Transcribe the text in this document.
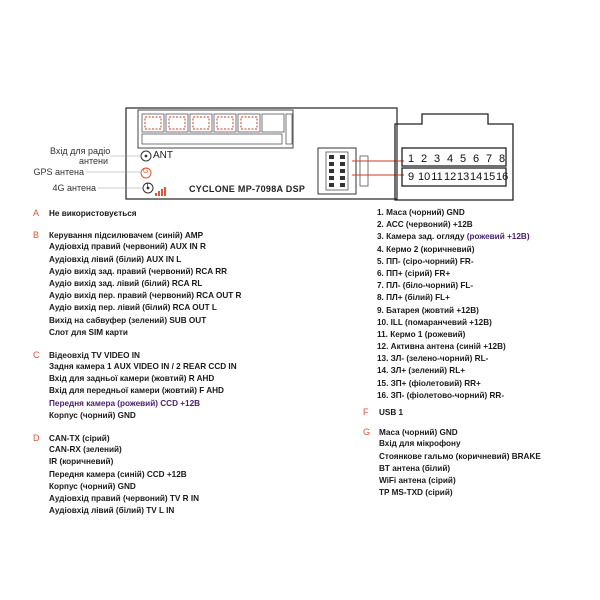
Вхід для радіо
антени
GPS антена
4G антена
ANT
G
T	CYCLONE MP-7098A DSP
1 2 3 4 5 6 7 8
9 10 11 12 13 14 15 16
A Не використовується
B Керування підсилювачем (синій) AMP
Аудіовхід правий (червоний) AUX IN R
Аудіовхід лівий (білий) AUX IN L
Аудіо вихід зад. правий (червоний) RCA RR
Аудіо вихід зад. лівий (білий) RCA RL
Аудіо вихід пер. правий (червоний) RCA OUT R
Аудіо вихід пер. лівий (білий) RCA OUT L
Вихід на сабвуфер (зелений) SUB OUT
Слот для SIM карти
C Відеовхід TV VIDEO IN
Задня камера 1 AUX VIDEO IN / 2 REAR CCD IN
Вхід для задньої камери (жовтий) R AHD
Вхід для передньої камери (жовтий) F AHD
Передня камера (рожевий) CCD +12В
Корпус (чорний) GND
D CAN-TX (сірий)
CAN-RX (зелений)
IR (коричневий)
Передня камера (синій) CCD +12В
Корпус (чорний) GND
Аудіовхід правий (червоний) TV R IN
Аудіовхід лівий (білий) TV L IN
1. Маса (чорний) GND
2. АСС (червоний) +12В
3. Камера зад. огляду (рожевий +12В)
4. Кермо 2 (коричневий)
5. ПП- (сіро-чорний) FR-
6. ПП+ (сірий) FR+
7. ПЛ- (біло-чорний) FL-
8. ПЛ+ (білий) FL+
9. Батарея (жовтий +12В)
10. ILL (помаранчевий +12В)
11. Кермо 1 (рожевий)
12. Активна антена (синій +12В)
13. ЗЛ- (зелено-чорний) RL-
14. ЗЛ+ (зелений) RL+
15. ЗП+ (фіолетовий) RR+
16. ЗП- (фіолетово-чорний) RR-
F USB 1
G Маса (чорний) GND
Вхід для мікрофону
Стоянкове гальмо (коричневий) BRAKE
BT антена (білий)
WiFi антена (сірий)
TP MS-TXD (сірий)
